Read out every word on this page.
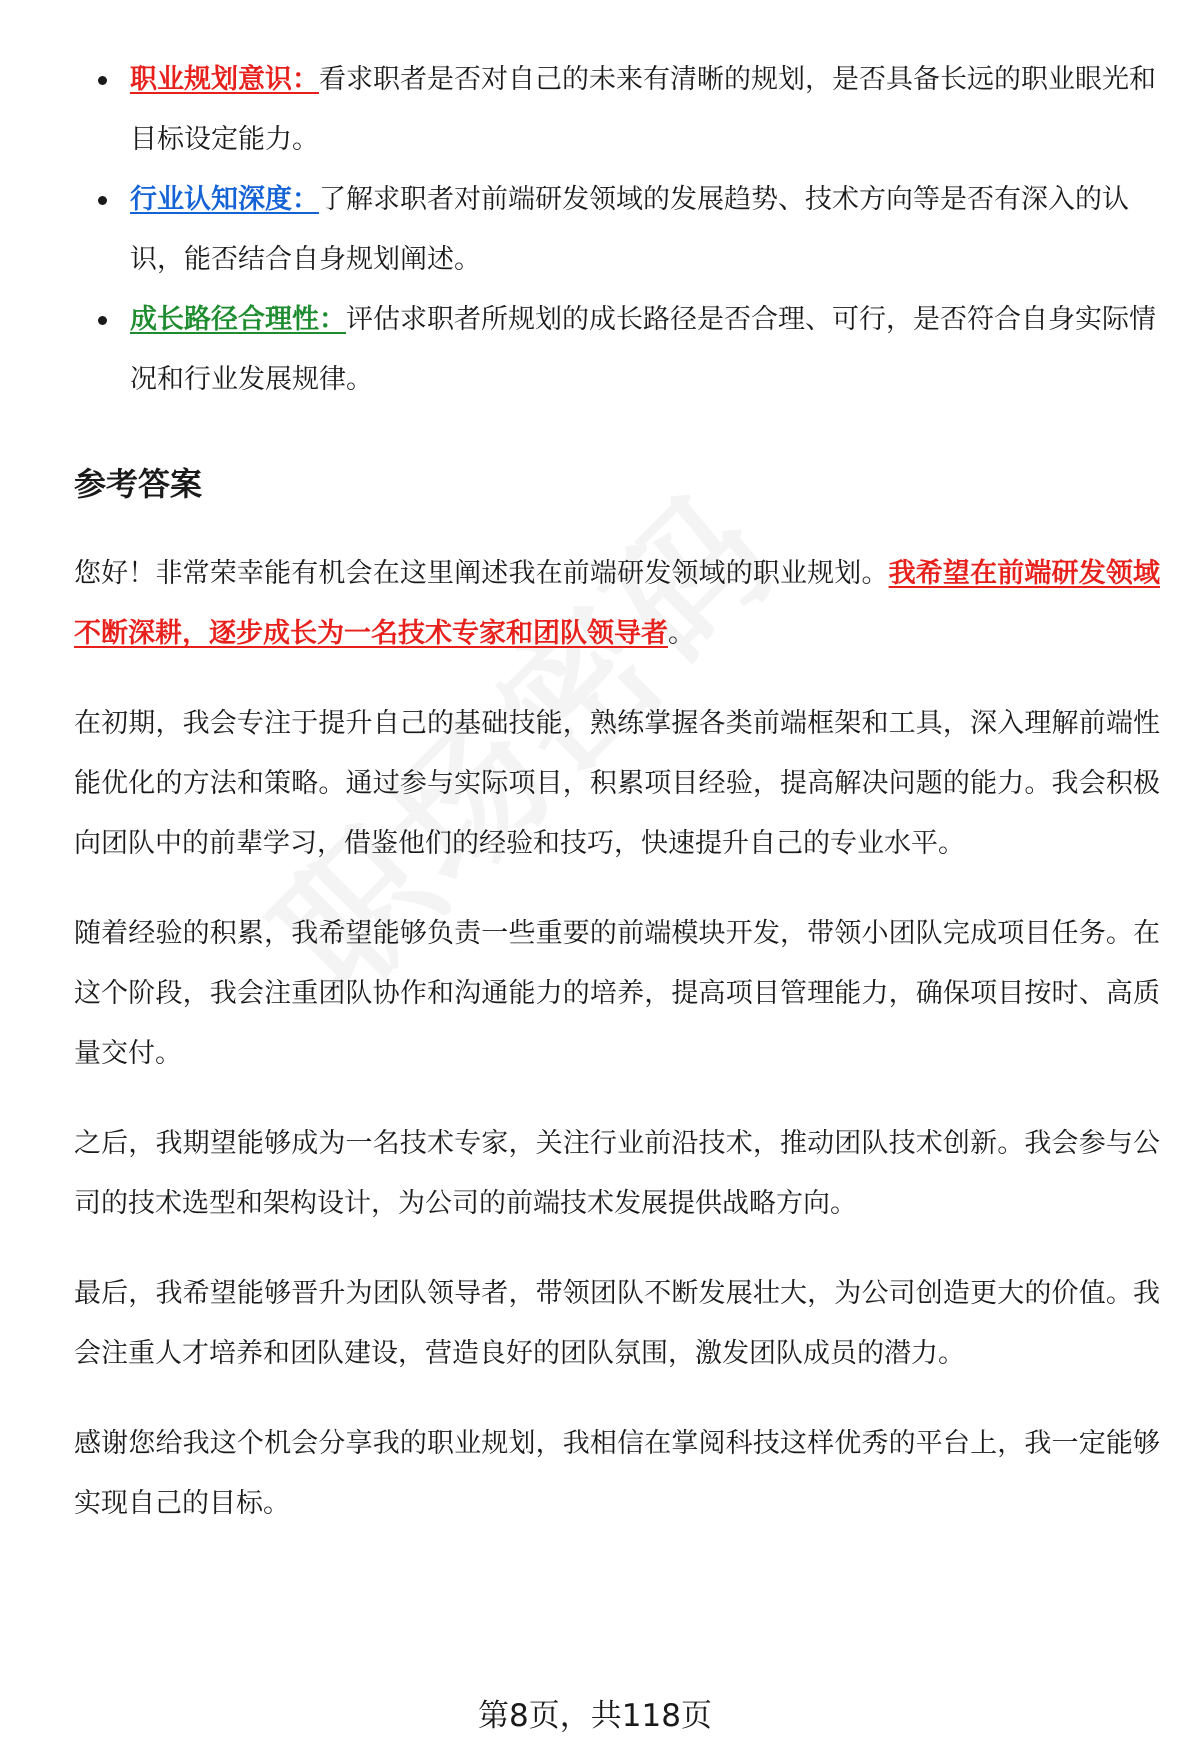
职业规划意识：看求职者是否对自己的未来有清晰的规划，是否具备长远的职业眼光和目标设定能力。
行业认知深度：了解求职者对前端研发领域的发展趋势、技术方向等是否有深入的认识，能否结合自身规划阐述。
成长路径合理性：评估求职者所规划的成长路径是否合理、可行，是否符合自身实际情况和行业发展规律。
参考答案

您好！非常荣幸能有机会在这里阐述我在前端研发领域的职业规划。我希望在前端研发领域不断深耕，逐步成长为一名技术专家和团队领导者。

在初期，我会专注于提升自己的基础技能，熟练掌握各类前端框架和工具，深入理解前端性能优化的方法和策略。通过参与实际项目，积累项目经验，提高解决问题的能力。我会积极向团队中的前辈学习，借鉴他们的经验和技巧，快速提升自己的专业水平。

随着经验的积累，我希望能够负责一些重要的前端模块开发，带领小团队完成项目任务。在这个阶段，我会注重团队协作和沟通能力的培养，提高项目管理能力，确保项目按时、高质量交付。

之后，我期望能够成为一名技术专家，关注行业前沿技术，推动团队技术创新。我会参与公司的技术选型和架构设计，为公司的前端技术发展提供战略方向。

最后，我希望能够晋升为团队领导者，带领团队不断发展壮大，为公司创造更大的价值。我会注重人才培养和团队建设，营造良好的团队氛围，激发团队成员的潜力。

感谢您给我这个机会分享我的职业规划，我相信在掌阅科技这样优秀的平台上，我一定能够实现自己的目标。

第8页，共118页
